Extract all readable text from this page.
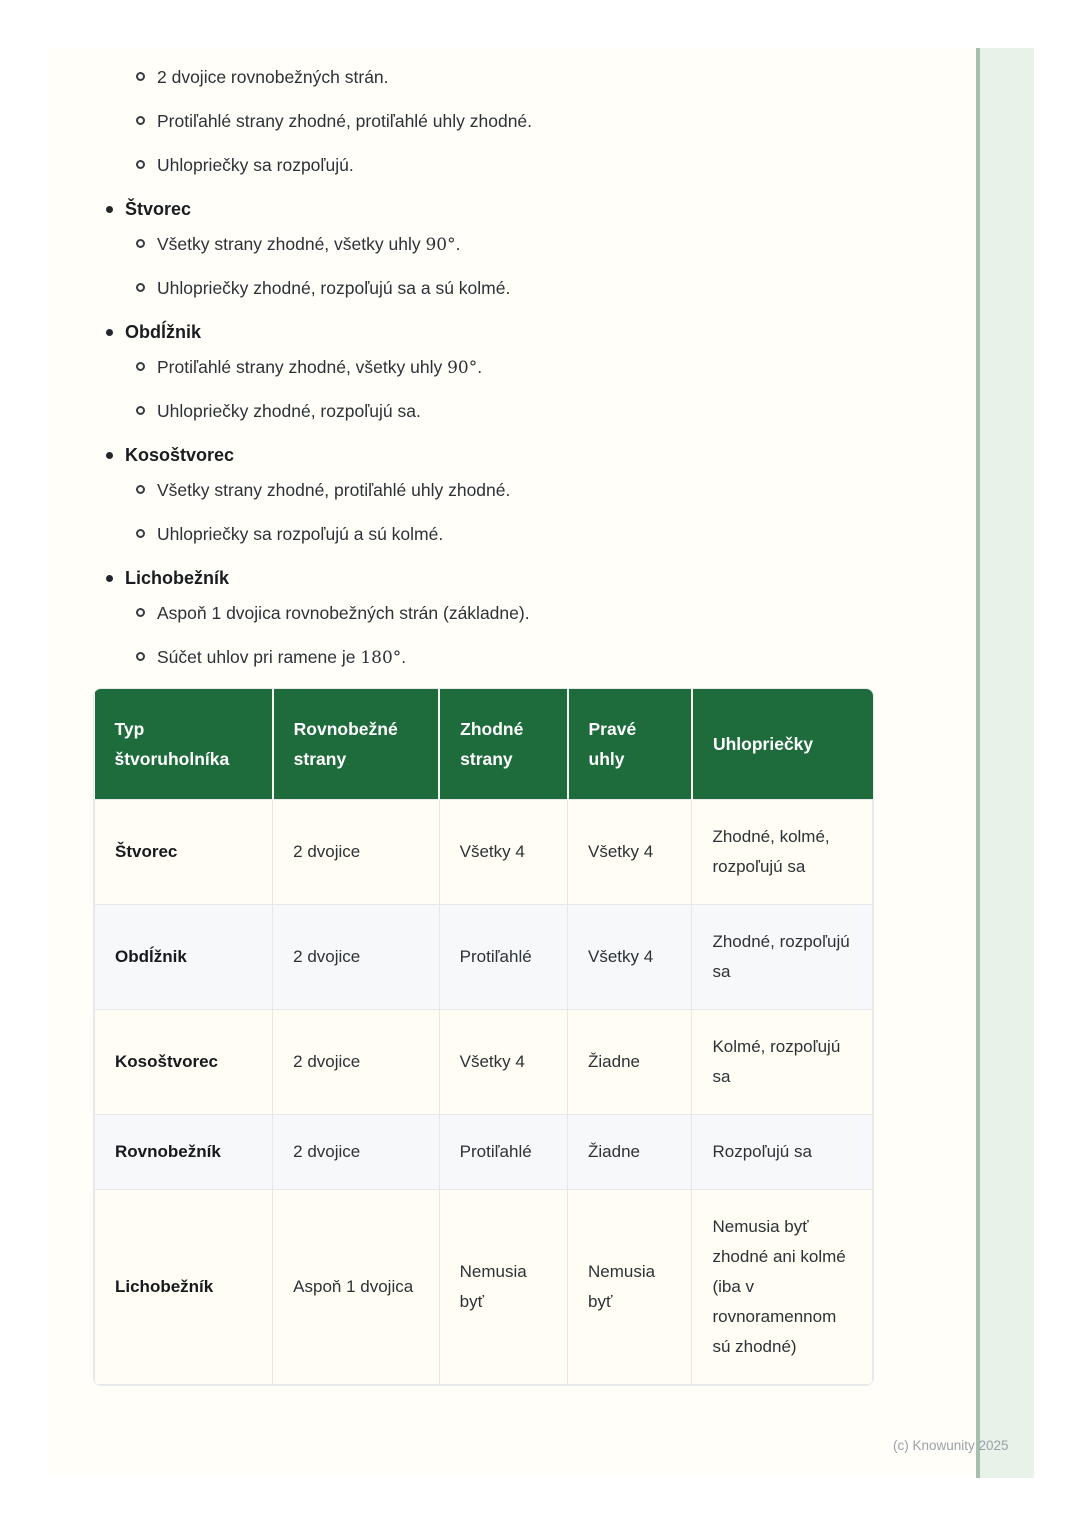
2 dvojice rovnobežných strán.
Protiľahlé strany zhodné, protiľahlé uhly zhodné.
Uhlopriečky sa rozpoľujú.
Štvorec
Všetky strany zhodné, všetky uhly 90°.
Uhlopriečky zhodné, rozpoľujú sa a sú kolmé.
Obdĺžnik
Protiľahlé strany zhodné, všetky uhly 90°.
Uhlopriečky zhodné, rozpoľujú sa.
Kosoštvorec
Všetky strany zhodné, protiľahlé uhly zhodné.
Uhlopriečky sa rozpoľujú a sú kolmé.
Lichobežník
Aspoň 1 dvojica rovnobežných strán (základne).
Súčet uhlov pri ramene je 180°.
Typ štvoruholníka	Rovnobežné strany	Zhodné strany	Pravé uhly	Uhlopriečky
Štvorec	2 dvojice	Všetky 4	Všetky 4	Zhodné, kolmé, rozpoľujú sa
Obdĺžnik	2 dvojice	Protiľahlé	Všetky 4	Zhodné, rozpoľujú sa
Kosoštvorec	2 dvojice	Všetky 4	Žiadne	Kolmé, rozpoľujú sa
Rovnobežník	2 dvojice	Protiľahlé	Žiadne	Rozpoľujú sa
Lichobežník	Aspoň 1 dvojica	Nemusia byť	Nemusia byť	Nemusia byť zhodné ani kolmé (iba v rovnoramennom sú zhodné)
(c) Knowunity 2025
